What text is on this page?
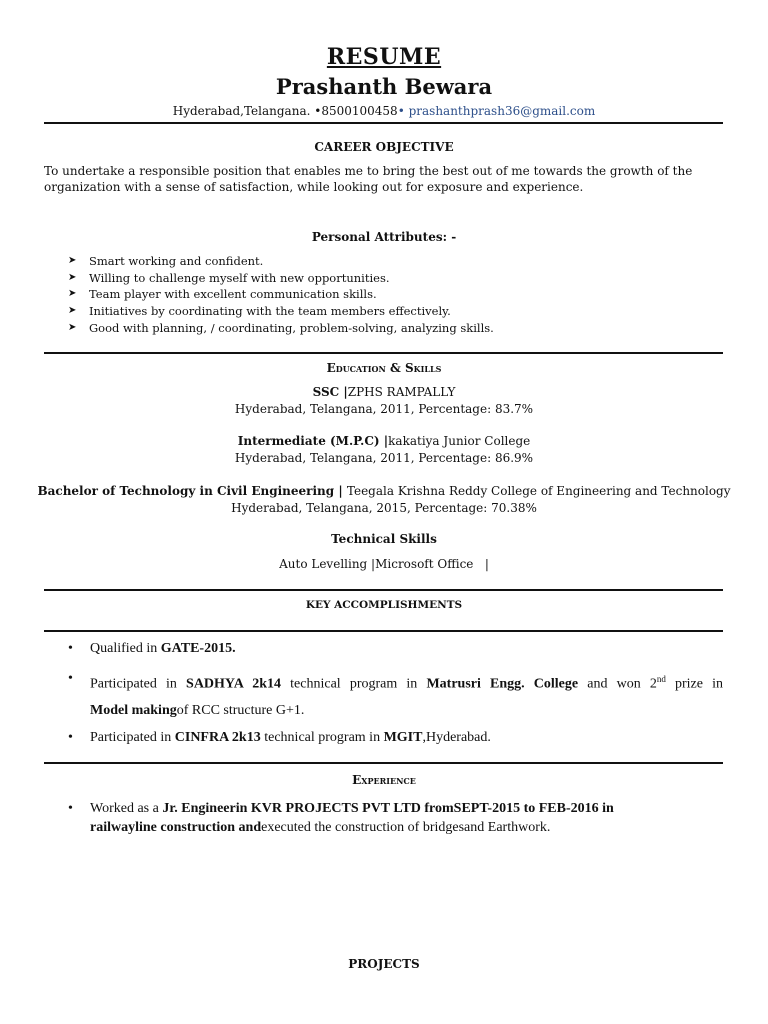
RESUME
Prashanth Bewara
Hyderabad,Telangana. •8500100458• prashanthprash36@gmail.com
CAREER OBJECTIVE
To undertake a responsible position that enables me to bring the best out of me towards the growth of the
organization with a sense of satisfaction, while looking out for exposure and experience.
Personal Attributes: -
➤ Smart working and confident.
➤ Willing to challenge myself with new opportunities.
➤ Team player with excellent communication skills.
➤ Initiatives by coordinating with the team members effectively.
➤ Good with planning, / coordinating, problem-solving, analyzing skills.
Education & Skills
SSC |ZPHS RAMPALLY
Hyderabad, Telangana, 2011, Percentage: 83.7%
Intermediate (M.P.C) |kakatiya Junior College
Hyderabad, Telangana, 2011, Percentage: 86.9%
Bachelor of Technology in Civil Engineering | Teegala Krishna Reddy College of Engineering and Technology
Hyderabad, Telangana, 2015, Percentage: 70.38%
Technical Skills
Auto Levelling |Microsoft Office   |
KEY ACCOMPLISHMENTS
• Qualified in GATE-2015.
• Participated in SADHYA 2k14 technical program in Matrusri Engg. College and won 2nd prize in
Model makingof RCC structure G+1.
• Participated in CINFRA 2k13 technical program in MGIT,Hyderabad.
Experience
• Worked as a Jr. Engineerin KVR PROJECTS PVT LTD fromSEPT-2015 to FEB-2016 in
railwayline construction andexecuted the construction of bridgesand Earthwork.
PROJECTS
